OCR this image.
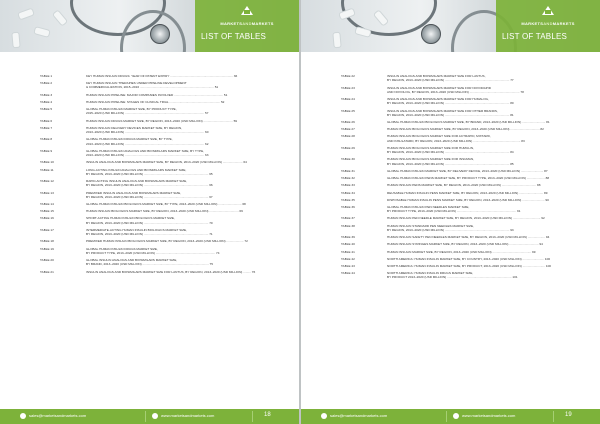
MARKETSANDMARKETS
LIST OF TABLES
TABLE 1	KEY HUMAN INSULIN DRUGS: YEAR OF PATENT EXPIRY ......................................................................... 36
TABLE 2	KEY HUMAN INSULIN THERAPIES UNDER PIPELINE DEVELOPMENT
& COMMERCIALIZATION, 2015–2016 ...................................................................................... 51
TABLE 3	HUMAN INSULIN PIPELINE: MAJOR COMPANIES INVOLVED ......................................................... 51
TABLE 4	HUMAN INSULIN PIPELINE: STAGES OF CLINICAL TRIAL ........................................................... 52
TABLE 5	GLOBAL HUMAN INSULIN MARKET SIZE, BY PRODUCT TYPE,
2015–2020 (USD MILLION) ............................................................................................ 57
TABLE 6	HUMAN INSULIN DRUGS MARKET SIZE, BY REGION, 2013–2020 (USD MILLION) .................................. 59
TABLE 7	HUMAN INSULIN DELIVERY DEVICES MARKET SIZE, BY REGION,
2013–2020 (USD MILLION) ............................................................................................ 60
TABLE 8	GLOBAL HUMAN INSULIN DRUGS MARKET SIZE, BY TYPE,
2013–2020 (USD MILLION) ............................................................................................ 62
TABLE 9	GLOBAL HUMAN INSULIN ANALOGS AND BIOSIMILARS MARKET SIZE, BY TYPE,
2013–2020 (USD MILLION) ............................................................................................ 63
TABLE 10	INSULIN ANALOGS AND BIOSIMILARS MARKET SIZE, BY REGION, 2013–2020 (USD MILLION) ....................... 64
TABLE 11	LONG-ACTING INSULIN ANALOGS AND BIOSIMILARS MARKET SIZE,
BY REGION, 2013–2020 (USD MILLION) ........................................................................... 65
TABLE 12	RAPID-ACTING INSULIN ANALOGS AND BIOSIMILARS MARKET SIZE,
BY REGION, 2013–2020 (USD MILLION) ........................................................................... 66
TABLE 13	PREMIXED INSULIN ANALOGS AND BIOSIMILARS MARKET SIZE,
BY REGION, 2013–2020 (USD MILLION) ........................................................................... 67
TABLE 14	GLOBAL HUMAN INSULIN BIOLOGICS MARKET SIZE, BY TYPE, 2013–2020 (USD MILLION) ........................... 68
TABLE 15	HUMAN INSULIN BIOLOGICS MARKET SIZE, BY REGION, 2013–2020 (USD MILLION) .................................. 69
TABLE 16	SHORT-ACTING HUMAN INSULIN BIOLOGICS MARKET SIZE,
BY REGION, 2013–2020 (USD MILLION) ........................................................................... 70
TABLE 17	INTERMEDIATE-ACTING HUMAN INSULIN BIOLOGICS MARKET SIZE,
BY REGION, 2013–2020 (USD MILLION) ........................................................................... 71
TABLE 18	PREMIXED HUMAN INSULIN BIOLOGICS MARKET SIZE, BY REGION, 2013–2020 (USD MILLION) .................... 72
TABLE 19	GLOBAL HUMAN INSULIN DRUGS MARKET SIZE,
BY PRODUCT TYPE, 2013–2020 (USD MILLION) ..................................................................... 74
TABLE 20	GLOBAL INSULIN ANALOGS AND BIOSIMILARS MARKET SIZE,
BY BRAND, 2013–2020 (USD MILLION) ............................................................................. 75
TABLE 21	INSULIN ANALOGS AND BIOSIMILARS MARKET SIZE FOR LANTUS, BY REGION, 2013–2020 (USD MILLION) ......... 76
sales@marketsandmarkets.com	www.marketsandmarkets.com	18
MARKETSANDMARKETS
LIST OF TABLES
TABLE 22	INSULIN ANALOGS AND BIOSIMILARS MARKET SIZE FOR LANTUS,
BY REGION, 2013–2020 (USD MILLION) ........................................................................... 77
TABLE 23	INSULIN ANALOGS AND BIOSIMILARS MARKET SIZE FOR NOVORAPID
AND NOVOLOG, BY REGION, 2013–2020 (USD MILLION) .......................................................... 78
TABLE 24	INSULIN ANALOGS AND BIOSIMILARS MARKET SIZE FOR HUMALOG,
BY REGION, 2013–2020 (USD MILLION) ........................................................................... 80
TABLE 25	INSULIN ANALOGS AND BIOSIMILARS MARKET SIZE FOR OTHER BRANDS,
BY REGION, 2013–2020 (USD MILLION) ........................................................................... 81
TABLE 26	GLOBAL HUMAN INSULIN BIOLOGICS MARKET SIZE, BY BRAND, 2013–2020 (USD MILLION) ........................... 81
TABLE 27	HUMAN INSULIN BIOLOGICS MARKET SIZE, BY REGION, 2013–2020 (USD MILLION) .................................. 82
TABLE 28	HUMAN INSULIN BIOLOGICS MARKET SIZE FOR ACTRAPID, MIXTARD,
AND INSULATARD, BY REGION, 2013–2020 (USD MILLION) ....................................................... 83
TABLE 29	HUMAN INSULIN BIOLOGICS MARKET SIZE FOR HUMULIN,
BY REGION, 2013–2020 (USD MILLION) ........................................................................... 84
TABLE 30	HUMAN INSULIN BIOLOGICS MARKET SIZE FOR INSUMAN,
BY REGION, 2013–2020 (USD MILLION) ........................................................................... 85
TABLE 31	GLOBAL HUMAN INSULIN MARKET SIZE, BY DELIVERY DEVICE, 2013–2020 (USD MILLION) .......................... 87
TABLE 32	GLOBAL HUMAN INSULIN PENS MARKET SIZE, BY PRODUCT TYPE, 2013–2020 (USD MILLION) ..................... 88
TABLE 33	HUMAN INSULIN PENS MARKET SIZE, BY REGION, 2013–2020 (USD MILLION) ........................................ 88
TABLE 34	REUSABLE HUMAN INSULIN PENS MARKET SIZE, BY REGION, 2013–2020 (USD MILLION) ............................ 89
TABLE 35	DISPOSABLE HUMAN INSULIN PENS MARKET SIZE, BY REGION, 2013–2020 (USD MILLION) .......................... 90
TABLE 36	GLOBAL HUMAN INSULIN PEN NEEDLES MARKET SIZE,
BY PRODUCT TYPE, 2013–2020 (USD MILLION) ..................................................................... 91
TABLE 37	HUMAN INSULIN PEN NEEDLE MARKET SIZE, BY REGION, 2013–2020 (USD MILLION) ................................ 92
TABLE 38	HUMAN INSULIN STANDARD PEN NEEDLES MARKET SIZE,
BY REGION, 2013–2020 (USD MILLION) ........................................................................... 93
TABLE 39	HUMAN INSULIN SAFETY PEN NEEDLES MARKET SIZE, BY REGION, 2013–2020 (USD MILLION) .................... 94
TABLE 40	HUMAN INSULIN SYRINGES MARKET SIZE, BY REGION, 2013–2020 (USD MILLION) .................................. 94
TABLE 41	HUMAN INSULIN MARKET SIZE, BY REGION, 2013–2020 (USD MILLION) ............................................. 99
TABLE 42	NORTH AMERICA: HUMAN INSULIN MARKET SIZE, BY COUNTRY, 2013–2020 (USD MILLION) ......................... 100
TABLE 43	NORTH AMERICA: HUMAN INSULIN MARKET SIZE, BY PRODUCT, 2013–2020 (USD MILLION) .......................... 100
TABLE 44	NORTH AMERICA: HUMAN INSULIN DRUGS MARKET SIZE,
BY PRODUCT 2013–2020 (USD MILLION) ........................................................................... 101
sales@marketsandmarkets.com	www.marketsandmarkets.com	19
